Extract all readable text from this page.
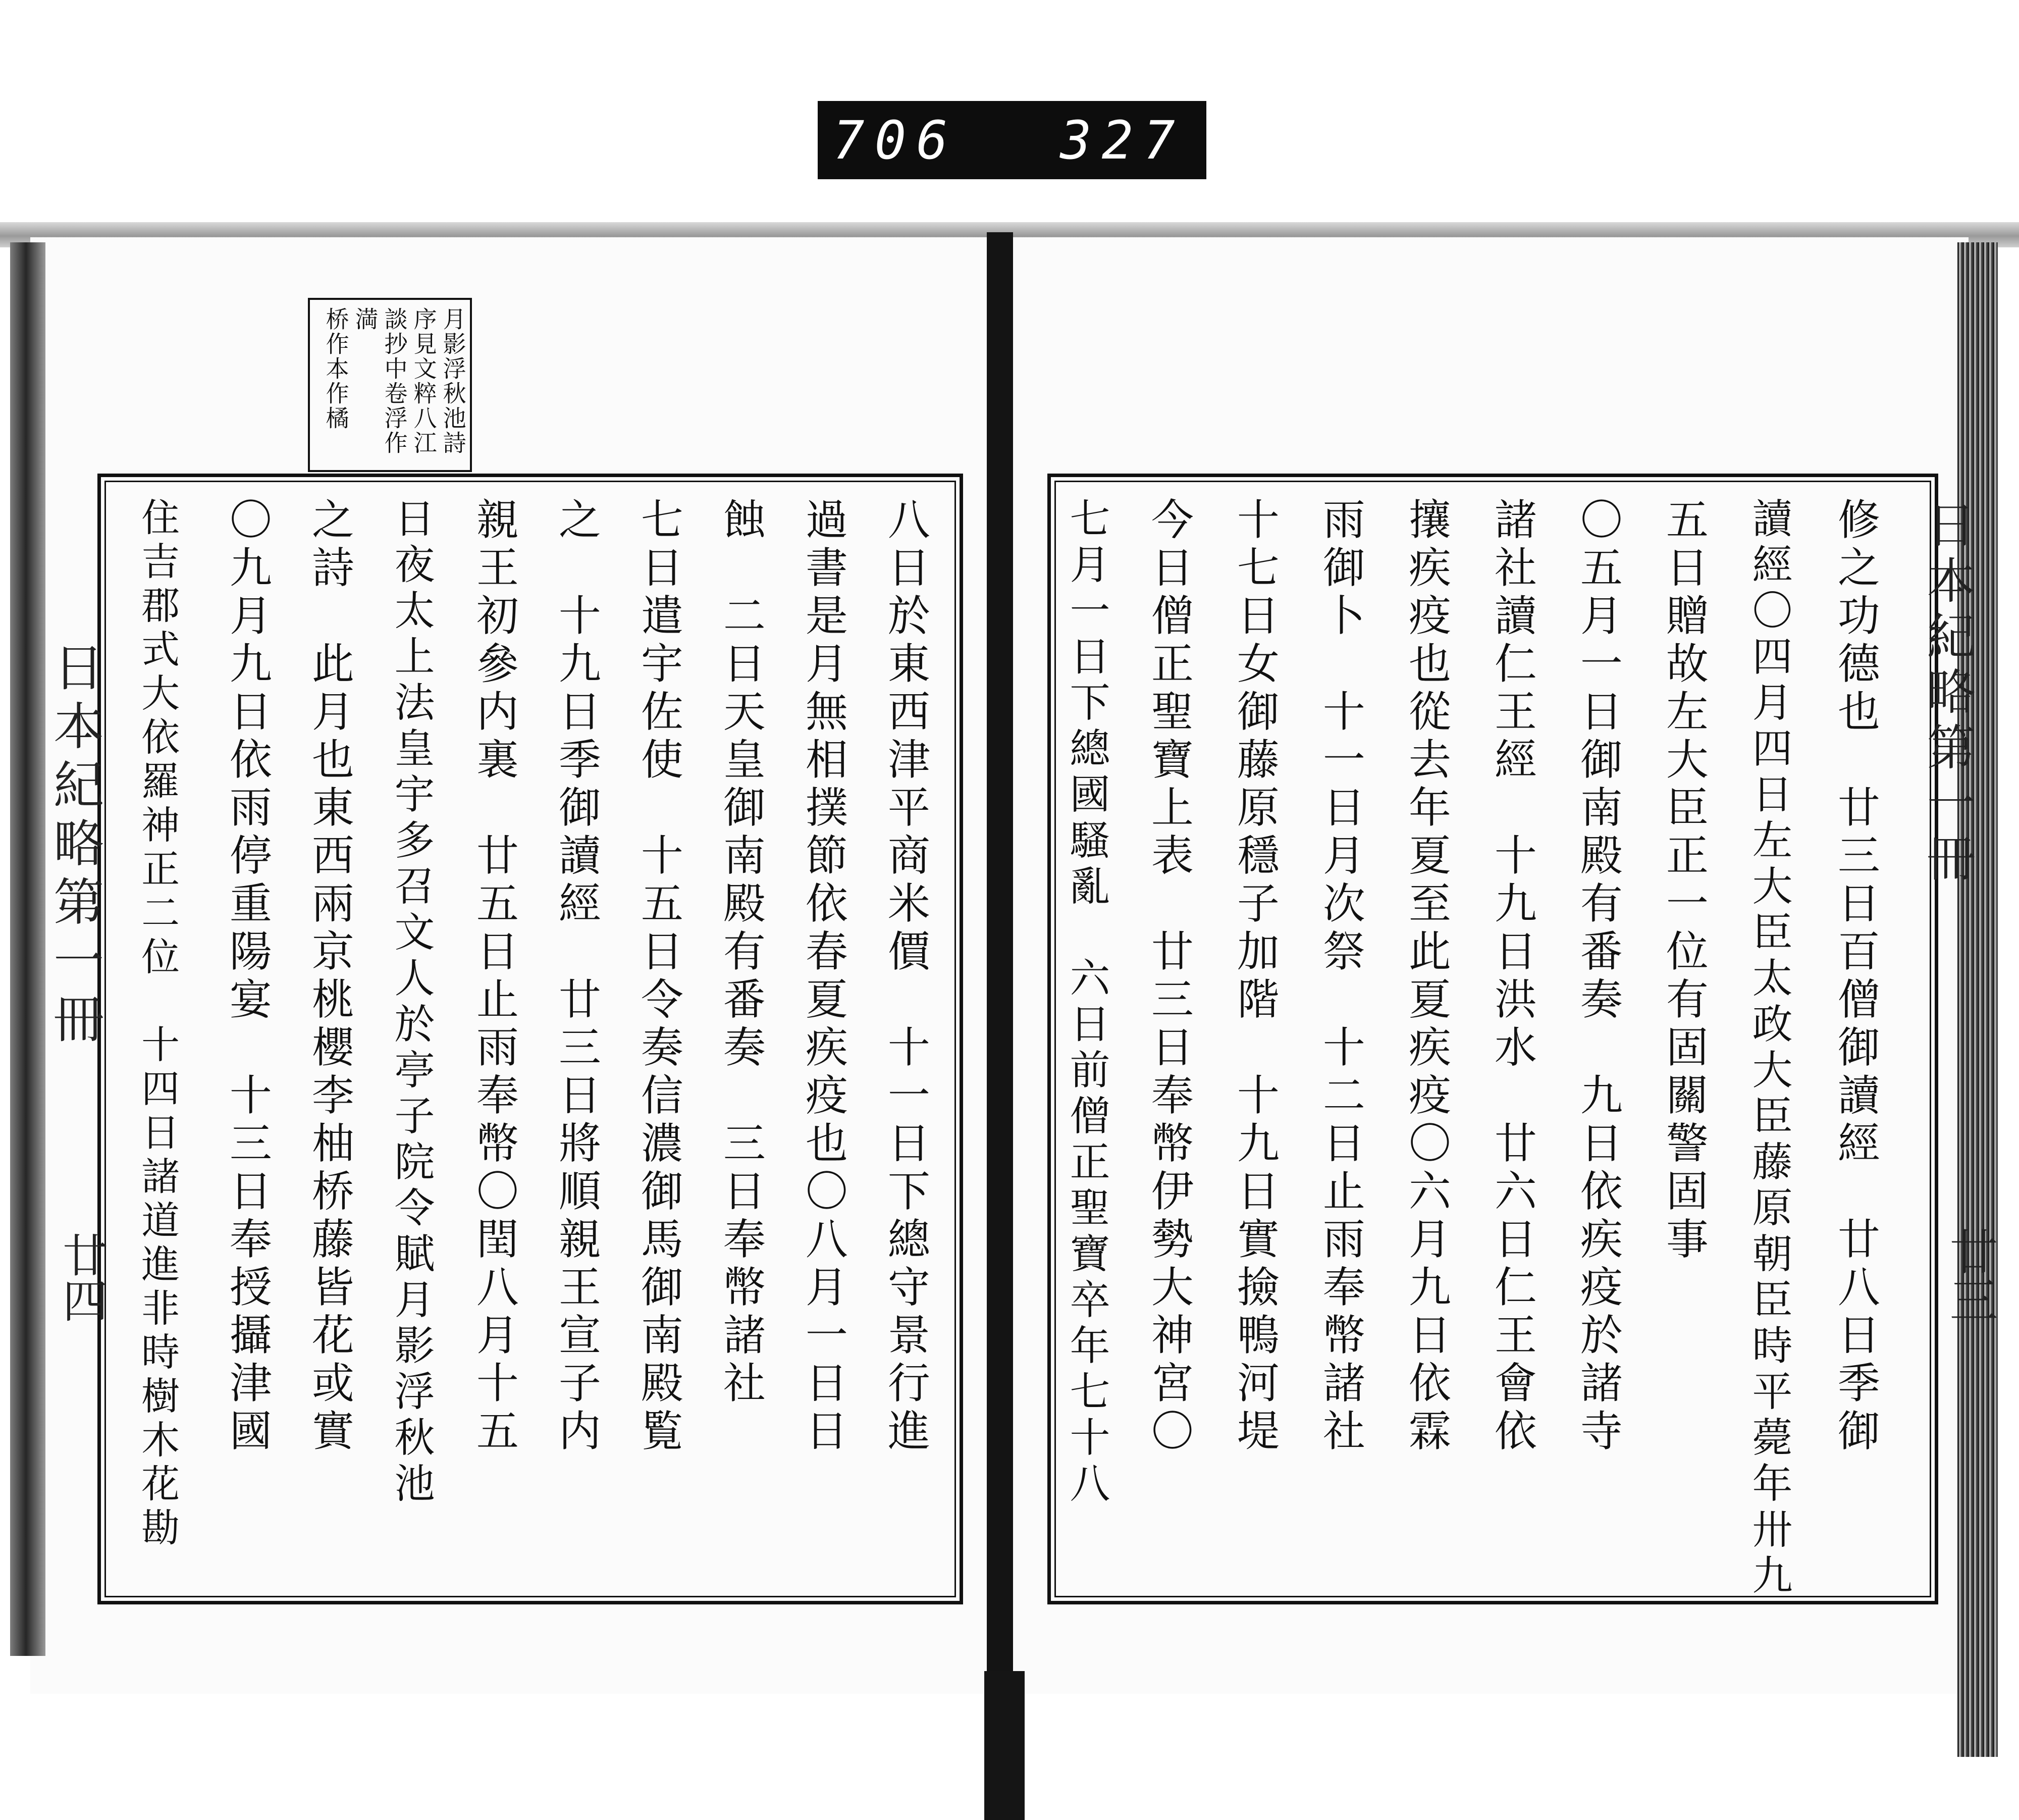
706 327
月影浮秋池詩
序見文粹八江
談抄中卷浮作
満
桥作本作橘
八日於東西津平商米價　十一日下總守景行進
過書是月無相撲節依春夏疾疫也〇八月一日日
蝕　二日天皇御南殿有番奏　三日奉幣諸社
七日遣宇佐使　十五日令奏信濃御馬御南殿覧
之　十九日季御讀經　廿三日將順親王宣子内
親王初參内裏　廿五日止雨奉幣〇閏八月十五
日夜太上法皇宇多召文人於亭子院令賦月影浮秋池
之詩　此月也東西兩京桃櫻李柚桥藤皆花或實
〇九月九日依雨停重陽宴　十三日奉授攝津國
住吉郡式大依羅神正二位　十四日諸道進非時樹木花勘	修之功德也　廿三日百僧御讀經　廿八日季御
讀經〇四月四日左大臣太政大臣藤原朝臣時平薨年卅九
五日贈故左大臣正一位有固關警固事
〇五月一日御南殿有番奏　九日依疾疫於諸寺
諸社讀仁王經　十九日洪水　廿六日仁王會依
攘疾疫也從去年夏至此夏疾疫〇六月九日依霖
雨御卜　十一日月次祭　十二日止雨奉幣諸社
十七日女御藤原穩子加階　十九日實撿鴨河堤
今日僧正聖寶上表　廿三日奉幣伊勢大神宮〇
七月一日下總國騷亂　六日前僧正聖寶卒年七十八	日本紀略第一冊
廿三
日本紀略第一冊
廿四
